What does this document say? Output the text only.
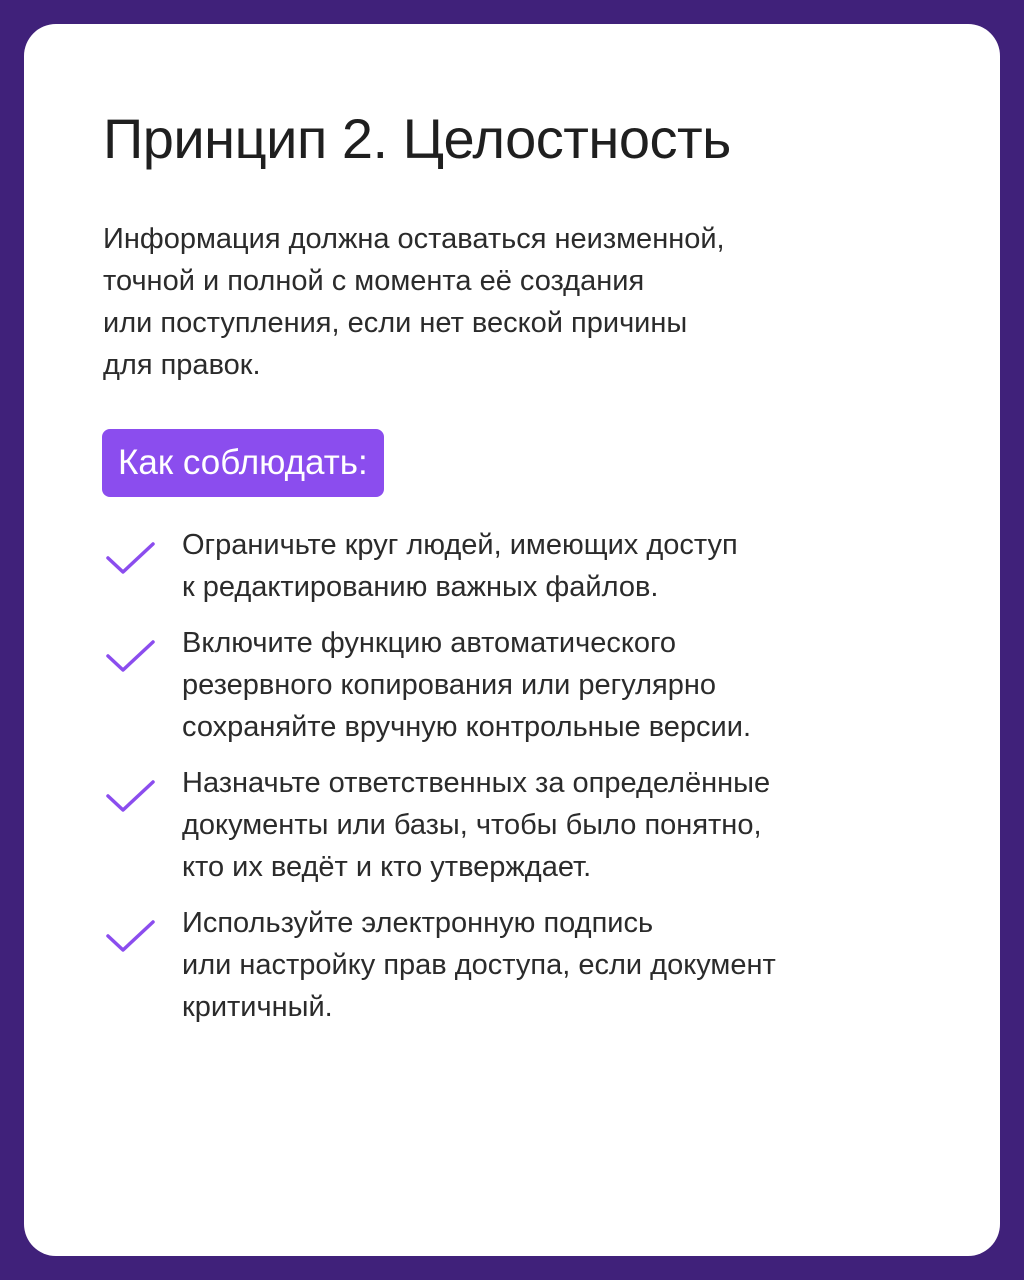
Принцип 2. Целостность

Информация должна оставаться неизменной,
точной и полной с момента её создания
или поступления, если нет веской причины
для правок.

Как соблюдать:
Ограничьте круг людей, имеющих доступ
к редактированию важных файлов.
Включите функцию автоматического
резервного копирования или регулярно
сохраняйте вручную контрольные версии.
Назначьте ответственных за определённые
документы или базы, чтобы было понятно,
кто их ведёт и кто утверждает.
Используйте электронную подпись
или настройку прав доступа, если документ
критичный.
